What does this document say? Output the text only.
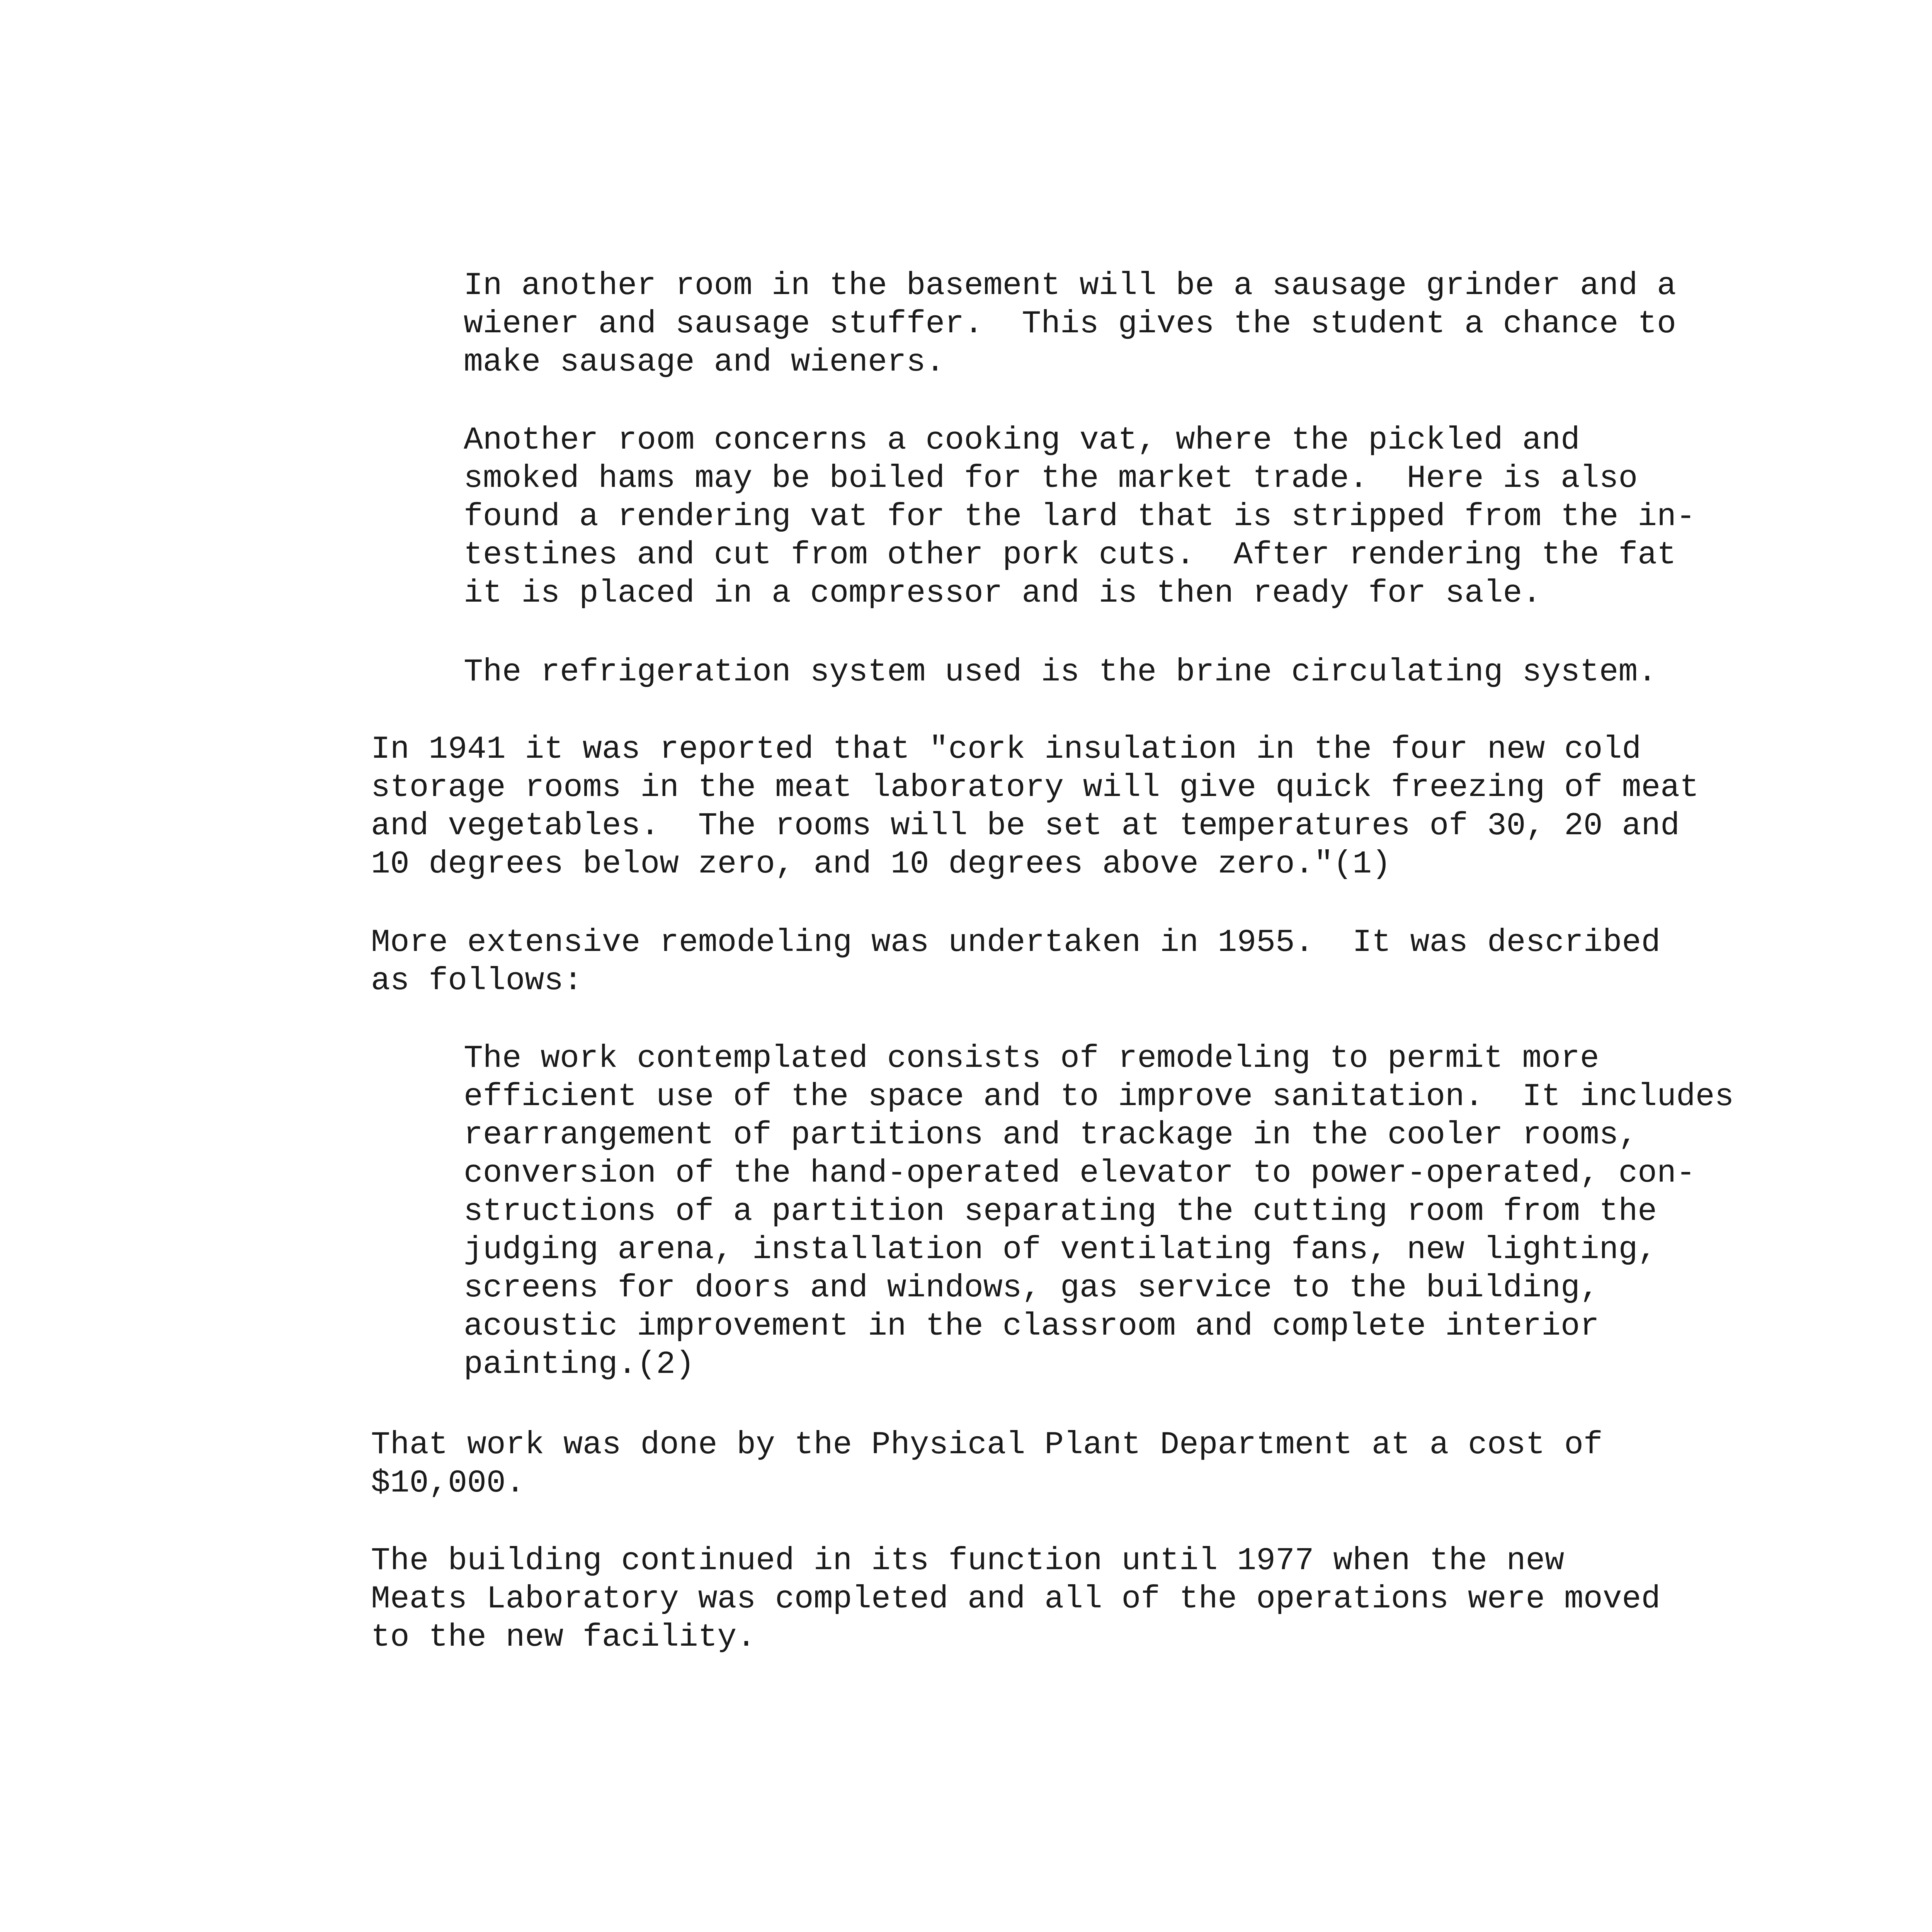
In another room in the basement will be a sausage grinder and a
wiener and sausage stuffer.  This gives the student a chance to
make sausage and wieners.

Another room concerns a cooking vat, where the pickled and
smoked hams may be boiled for the market trade.  Here is also
found a rendering vat for the lard that is stripped from the in-
testines and cut from other pork cuts.  After rendering the fat
it is placed in a compressor and is then ready for sale.

The refrigeration system used is the brine circulating system.

In 1941 it was reported that "cork insulation in the four new cold
storage rooms in the meat laboratory will give quick freezing of meat
and vegetables.  The rooms will be set at temperatures of 30, 20 and
10 degrees below zero, and 10 degrees above zero."(1)

More extensive remodeling was undertaken in 1955.  It was described
as follows:

The work contemplated consists of remodeling to permit more
efficient use of the space and to improve sanitation.  It includes
rearrangement of partitions and trackage in the cooler rooms,
conversion of the hand-operated elevator to power-operated, con-
structions of a partition separating the cutting room from the
judging arena, installation of ventilating fans, new lighting,
screens for doors and windows, gas service to the building,
acoustic improvement in the classroom and complete interior
painting.(2)

That work was done by the Physical Plant Department at a cost of
$10,000.

The building continued in its function until 1977 when the new
Meats Laboratory was completed and all of the operations were moved
to the new facility.
